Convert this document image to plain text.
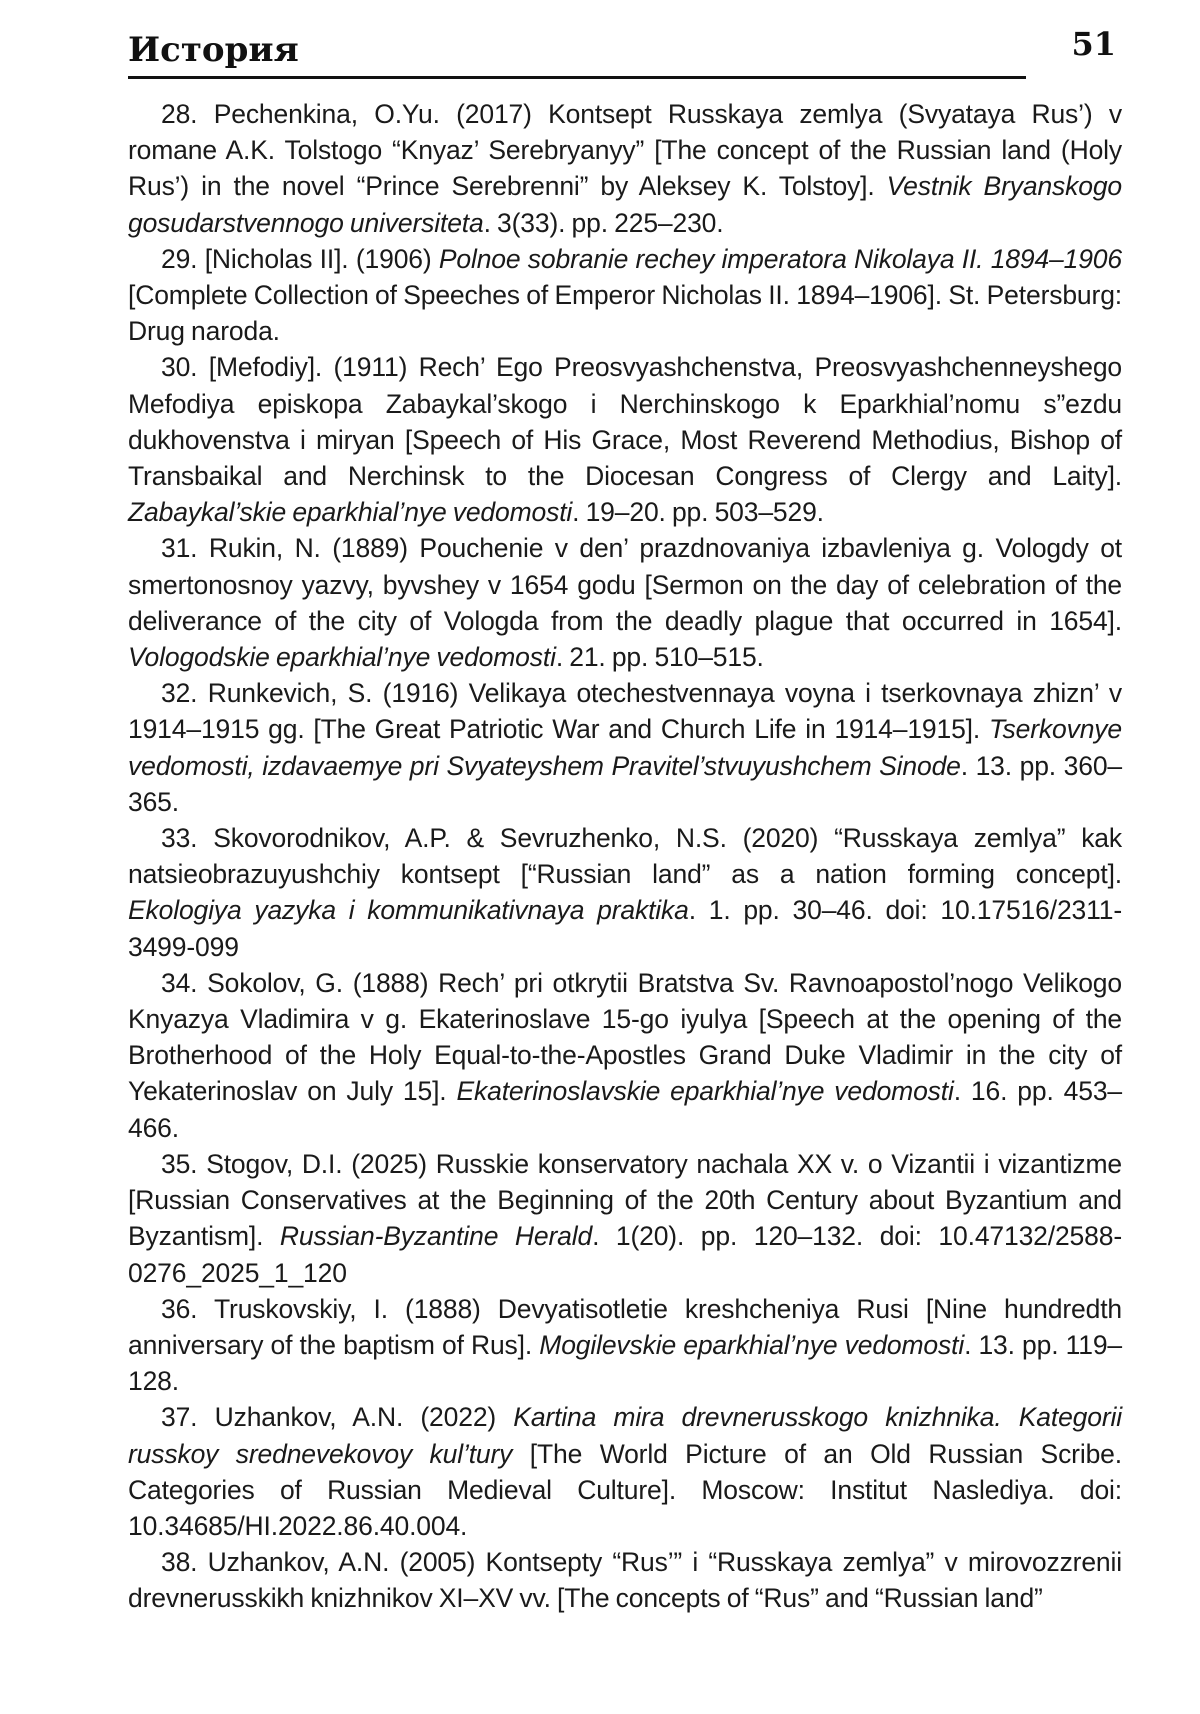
История	51
28. Pechenkina, O.Yu. (2017) Kontsept Russkaya zemlya (Svyataya Rus’) v romane A.K. Tolstogo “Knyaz’ Serebryanyy” [The concept of the Russian land (Holy Rus’) in the novel “Prince Serebrenni” by Aleksey K. Tolstoy]. Vestnik Bryanskogo gosudarstvennogo universiteta. 3(33). pp. 225–230.
29. [Nicholas II]. (1906) Polnoe sobranie rechey imperatora Nikolaya II. 1894–1906 [Complete Collection of Speeches of Emperor Nicholas II. 1894–1906]. St. Petersburg: Drug naroda.
30. [Mefodiy]. (1911) Rech’ Ego Preosvyashchenstva, Preosvyashchenneyshego Mefodiya episkopa Zabaykal’skogo i Nerchinskogo k Eparkhial’nomu s”ezdu dukhovenstva i miryan [Speech of His Grace, Most Reverend Methodius, Bishop of Transbaikal and Nerchinsk to the Diocesan Congress of Clergy and Laity]. Zabaykal’skie eparkhial’nye vedomosti. 19–20. pp. 503–529.
31. Rukin, N. (1889) Pouchenie v den’ prazdnovaniya izbavleniya g. Vologdy ot smertonosnoy yazvy, byvshey v 1654 godu [Sermon on the day of celebration of the deliverance of the city of Vologda from the deadly plague that occurred in 1654]. Vologodskie eparkhial’nye vedomosti. 21. pp. 510–515.
32. Runkevich, S. (1916) Velikaya otechestvennaya voyna i tserkovnaya zhizn’ v 1914–1915 gg. [The Great Patriotic War and Church Life in 1914–1915]. Tserkovnye vedomosti, izdavaemye pri Svyateyshem Pravitel’stvuyushchem Sinode. 13. pp. 360–365.
33. Skovorodnikov, A.P. & Sevruzhenko, N.S. (2020) “Russkaya zemlya” kak natsieobrazuyushchiy kontsept [“Russian land” as a nation forming concept]. Ekologiya yazyka i kommunikativnaya praktika. 1. pp. 30–46. doi: 10.17516/2311-3499-099
34. Sokolov, G. (1888) Rech’ pri otkrytii Bratstva Sv. Ravnoapostol’nogo Velikogo Knyazya Vladimira v g. Ekaterinoslave 15-go iyulya [Speech at the opening of the Brotherhood of the Holy Equal-to-the-Apostles Grand Duke Vladimir in the city of Yekaterinoslav on July 15]. Ekaterinoslavskie eparkhial’nye vedomosti. 16. pp. 453–466.
35. Stogov, D.I. (2025) Russkie konservatory nachala XX v. o Vizantii i vizantizme [Russian Conservatives at the Beginning of the 20th Century about Byzantium and Byzantism]. Russian-Byzantine Herald. 1(20). pp. 120–132. doi: 10.47132/2588-0276_2025_1_120
36. Truskovskiy, I. (1888) Devyatisotletie kreshcheniya Rusi [Nine hundredth anniversary of the baptism of Rus]. Mogilevskie eparkhial’nye vedomosti. 13. pp. 119–128.
37. Uzhankov, A.N. (2022) Kartina mira drevnerusskogo knizhnika. Kategorii russkoy srednevekovoy kul’tury [The World Picture of an Old Russian Scribe. Categories of Russian Medieval Culture]. Moscow: Institut Naslediya. doi: 10.34685/HI.2022.86.40.004.
38. Uzhankov, A.N. (2005) Kontsepty “Rus’” i “Russkaya zemlya” v mirovozzrenii drevnerusskikh knizhnikov XI–XV vv. [The concepts of “Rus” and “Russian land”
